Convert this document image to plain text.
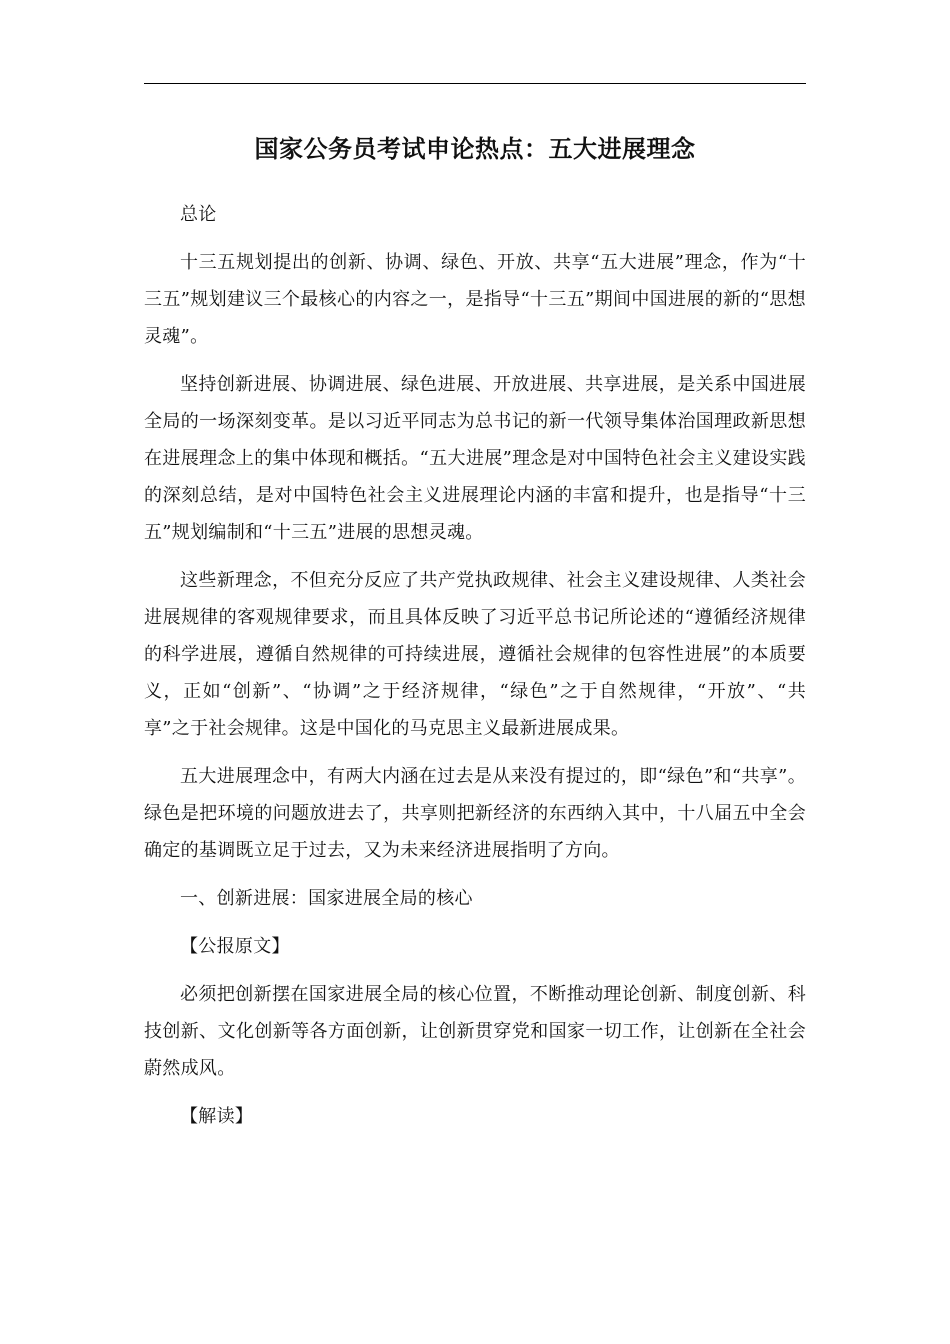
国家公务员考试申论热点：五大进展理念

总论

十三五规划提出的创新、协调、绿色、开放、共享“五大进展”理念，作为“十三五”规划建议三个最核心的内容之一，是指导“十三五”期间中国进展的新的“思想灵魂”。

坚持创新进展、协调进展、绿色进展、开放进展、共享进展，是关系中国进展全局的一场深刻变革。是以习近平同志为总书记的新一代领导集体治国理政新思想在进展理念上的集中体现和概括。“五大进展”理念是对中国特色社会主义建设实践的深刻总结，是对中国特色社会主义进展理论内涵的丰富和提升，也是指导“十三五”规划编制和“十三五”进展的思想灵魂。

这些新理念，不但充分反应了共产党执政规律、社会主义建设规律、人类社会进展规律的客观规律要求，而且具体反映了习近平总书记所论述的“遵循经济规律的科学进展，遵循自然规律的可持续进展，遵循社会规律的包容性进展”的本质要义，正如“创新”、“协调”之于经济规律，“绿色”之于自然规律，“开放”、“共享”之于社会规律。这是中国化的马克思主义最新进展成果。

五大进展理念中，有两大内涵在过去是从来没有提过的，即“绿色”和“共享”。绿色是把环境的问题放进去了，共享则把新经济的东西纳入其中，十八届五中全会确定的基调既立足于过去，又为未来经济进展指明了方向。

一、创新进展：国家进展全局的核心

【公报原文】

必须把创新摆在国家进展全局的核心位置，不断推动理论创新、制度创新、科技创新、文化创新等各方面创新，让创新贯穿党和国家一切工作，让创新在全社会蔚然成风。

【解读】
